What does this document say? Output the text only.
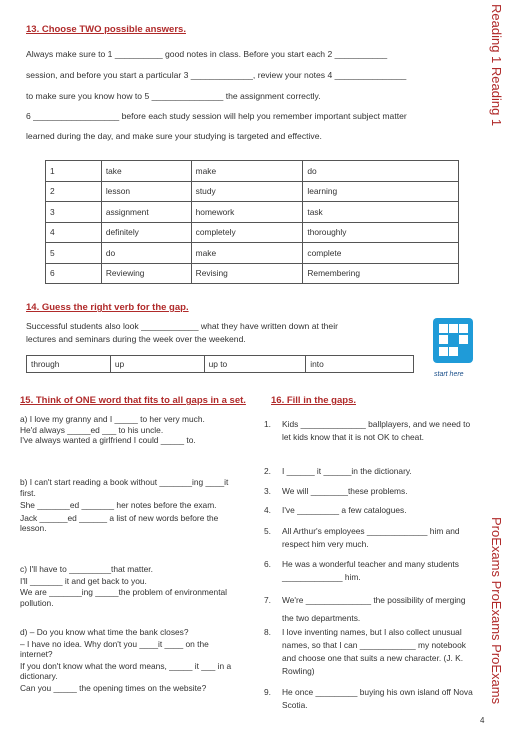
13. Choose TWO possible answers.
Always make sure to 1 __________ good notes in class. Before you start each 2 ___________
session, and before you start a particular 3 _____________, review your notes 4 _______________
to make sure you know how to 5 _______________ the assignment correctly.
6 __________________ before each study session will help you remember important subject matter
learned during the day, and make sure your studying is targeted and effective.
1	take	make	do
2	lesson	study	learning
3	assignment	homework	task
4	definitely	completely	thoroughly
5	do	make	complete
6	Reviewing	Revising	Remembering
14. Guess the right verb for the gap.
Successful students also look ____________ what they have written down at their
lectures and seminars during the week over the weekend.
through	up	up to	into
start here
15. Think of ONE word that fits to all gaps in a set.
a) I love my granny and I _____ to her very much.
He'd always _____ed ___ to his uncle.
I've always wanted a girlfriend I could _____ to.
b) I can't start reading a book without _______ing ____it first.
She _______ed _______ her notes before the exam.
Jack ______ed ______ a list of new words before the lesson.
c) I'll have to _________that matter.
I'll _______ it and get back to you.
We are _______ing _____the problem of environmental pollution.
d) – Do you know what time the bank closes?
– I have no idea. Why don't you ____it ____ on the internet?
If you don't know what the word means, _____ it ___ in a dictionary.
Can you _____ the opening times on the website?
16. Fill in the gaps.
1. Kids ______________ ballplayers, and we need to let kids know that it is not OK to cheat.
2. I ______ it ______in the dictionary.
3. We will ________these problems.
4. I've _________ a few catalogues.
5. All Arthur's employees _____________ him and respect him very much.
6. He was a wonderful teacher and many students _____________ him.
7. We're ______________ the possibility of merging the two departments.
8. I love inventing names, but I also collect unusual names, so that I can ____________ my notebook and choose one that suits a new character. (J. K. Rowling)
9. He once _________ buying his own island off Nova Scotia.
Reading 1 Reading 1
ProExams ProExams ProExams
4
